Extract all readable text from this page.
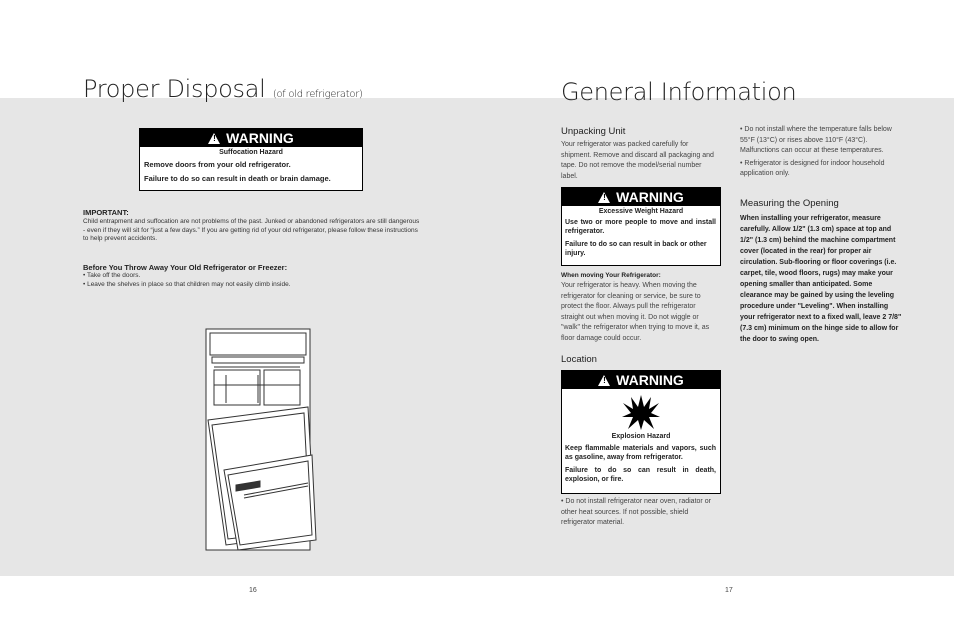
Proper Disposal (of old refrigerator)
! WARNING
Suffocation Hazard
Remove doors from your old refrigerator.
Failure to do so can result in death or brain damage.
IMPORTANT:
Child entrapment and suffocation are not problems of the past. Junked or abandoned refrigerators are still dangerous - even if they will sit for “just a few days.” If you are getting rid of your old refrigerator, please follow these instructions to help prevent accidents.
Before You Throw Away Your Old Refrigerator or Freezer:
• Take off the doors.
• Leave the shelves in place so that children may not easily climb inside.
16
General Information
Unpacking Unit
Your refrigerator was packed carefully for shipment. Remove and discard all packaging and tape. Do not remove the model/serial number label.
! WARNING
Excessive Weight Hazard
Use two or more people to move and install refrigerator.
Failure to do so can result in back or other injury.
When moving Your Refrigerator:
Your refrigerator is heavy. When moving the refrigerator for cleaning or service, be sure to protect the floor. Always pull the refrigerator straight out when moving it. Do not wiggle or "walk" the refrigerator when trying to move it, as floor damage could occur.
Location
! WARNING
Explosion Hazard
Keep flammable materials and vapors, such as gasoline, away from refrigerator.
Failure to do so can result in death, explosion, or fire.
• Do not install refrigerator near oven, radiator or other heat sources. If not possible, shield refrigerator material.
• Do not install where the temperature falls below 55°F (13°C) or rises above 110°F (43°C). Malfunctions can occur at these temperatures.
• Refrigerator is designed for indoor household application only.
Measuring the Opening
When installing your refrigerator, measure carefully. Allow 1/2" (1.3 cm) space at top and 1/2" (1.3 cm) behind the machine compartment cover (located in the rear) for proper air circulation. Sub-flooring or floor coverings (i.e. carpet, tile, wood floors, rugs) may make your opening smaller than anticipated. Some clearance may be gained by using the leveling procedure under "Leveling". When installing your refrigerator next to a fixed wall, leave 2 7/8" (7.3 cm) minimum on the hinge side to allow for the door to swing open.
17
